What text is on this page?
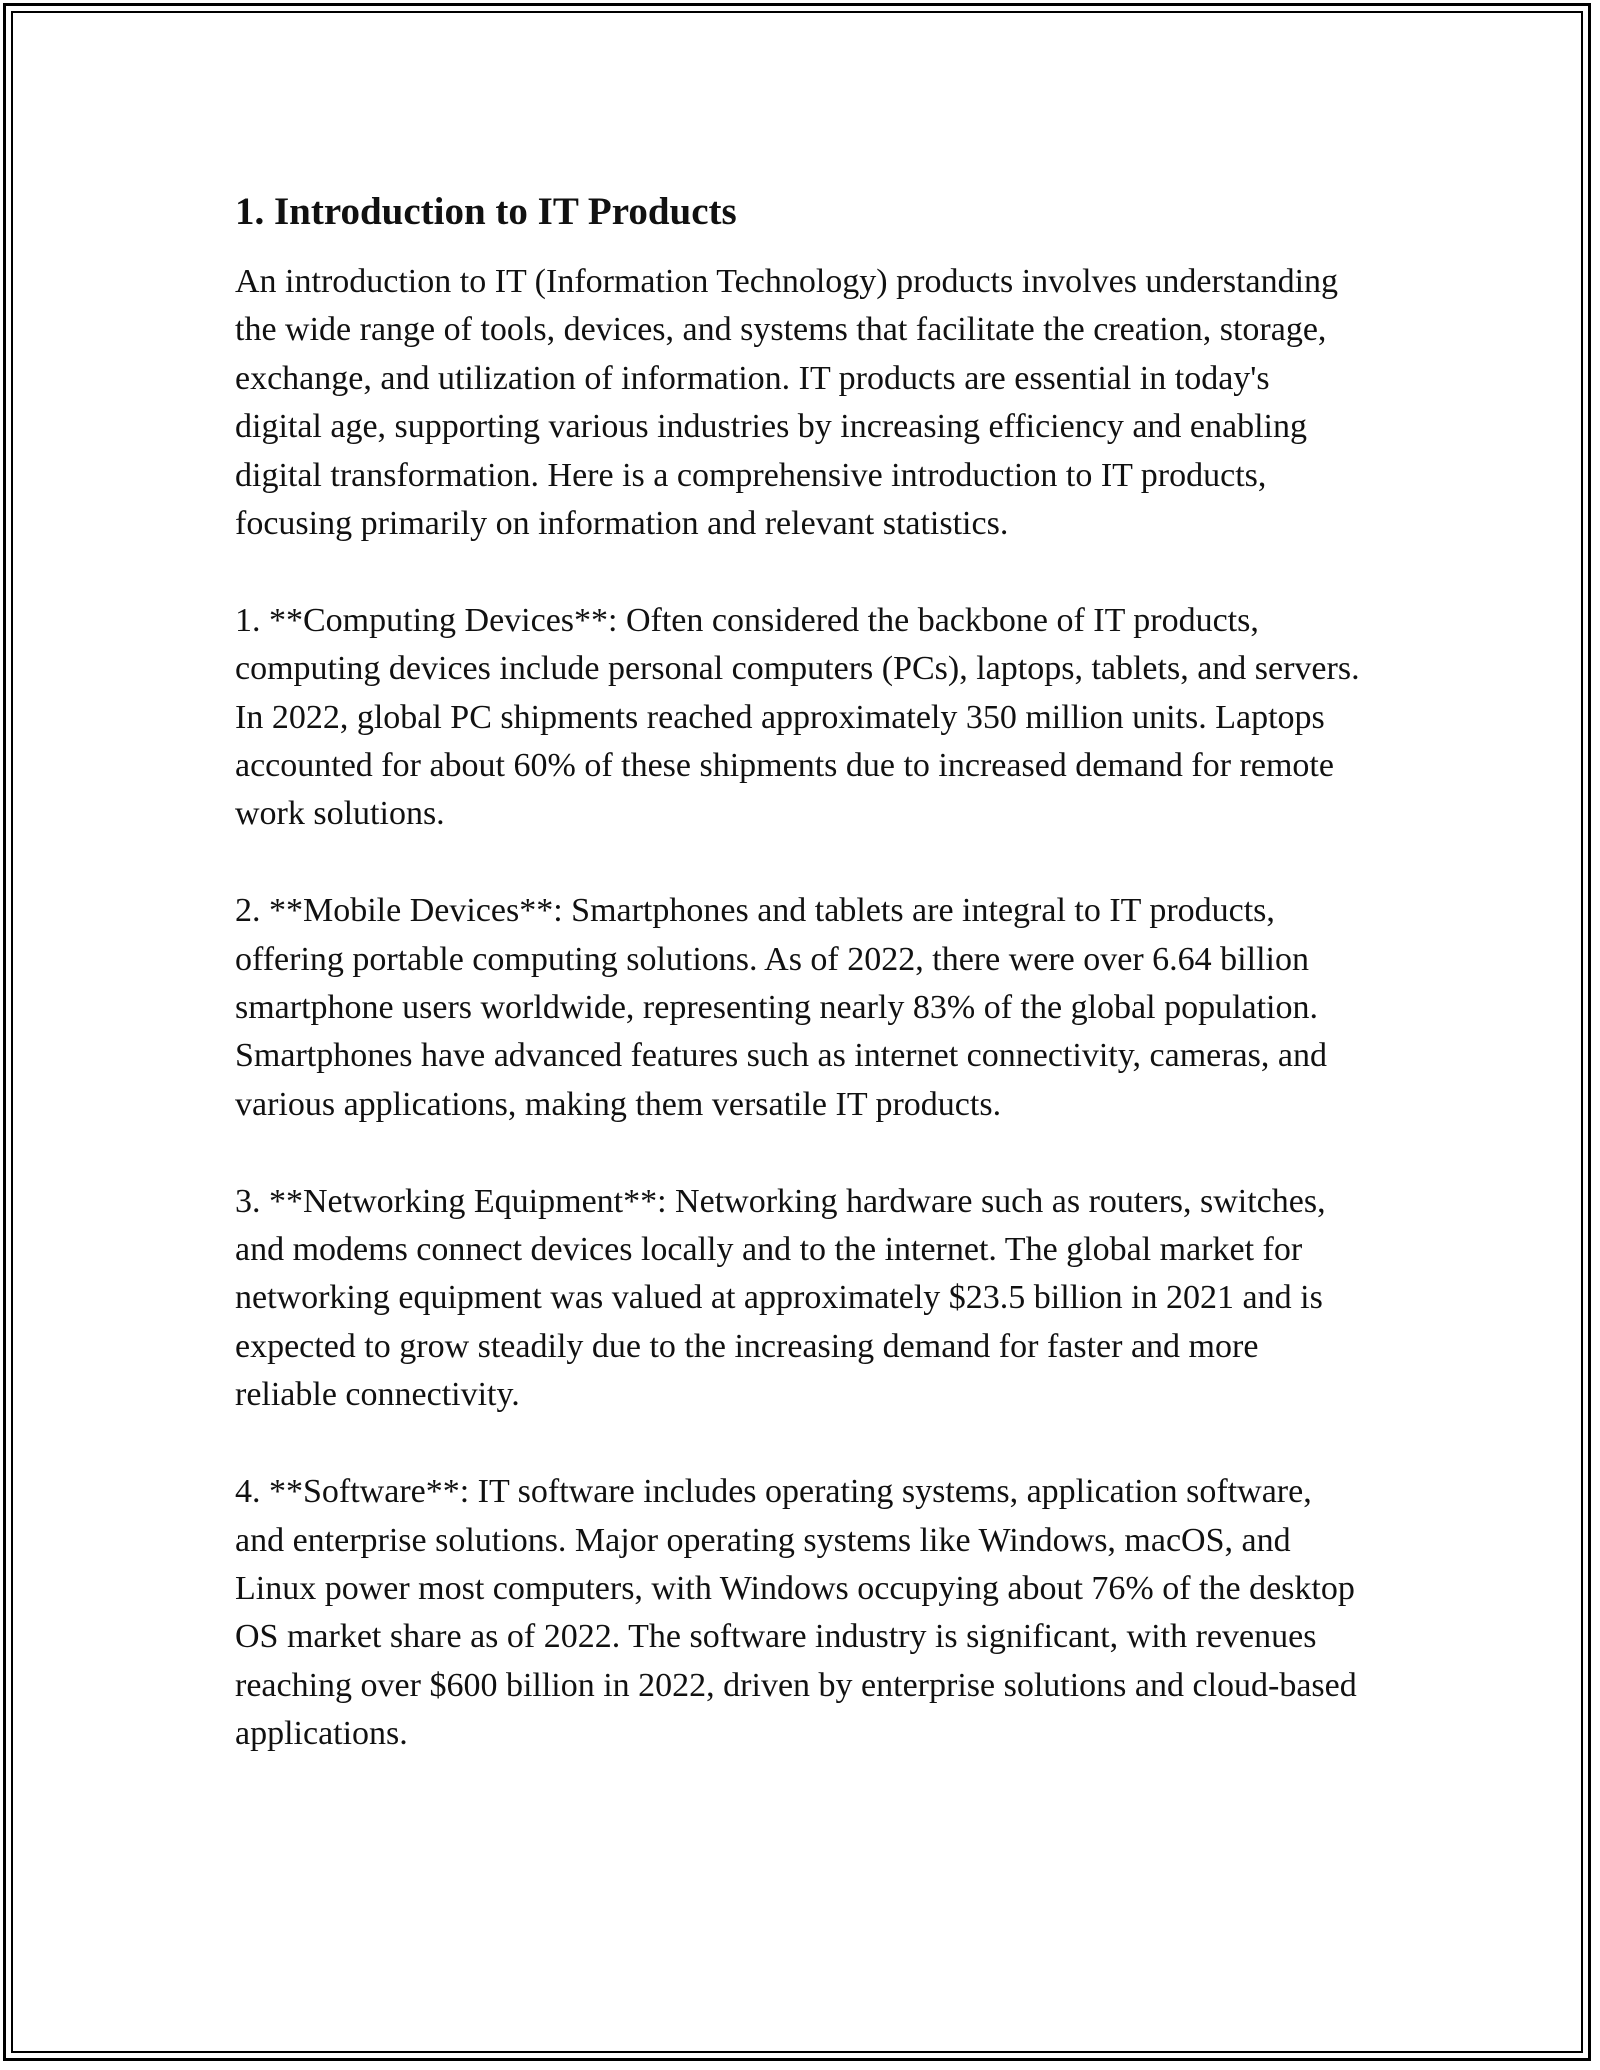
1. Introduction to IT Products

An introduction to IT (Information Technology) products involves understanding the wide range of tools, devices, and systems that facilitate the creation, storage, exchange, and utilization of information. IT products are essential in today's digital age, supporting various industries by increasing efficiency and enabling digital transformation. Here is a comprehensive introduction to IT products, focusing primarily on information and relevant statistics.

1. **Computing Devices**: Often considered the backbone of IT products, computing devices include personal computers (PCs), laptops, tablets, and servers. In 2022, global PC shipments reached approximately 350 million units. Laptops accounted for about 60% of these shipments due to increased demand for remote work solutions.

2. **Mobile Devices**: Smartphones and tablets are integral to IT products, offering portable computing solutions. As of 2022, there were over 6.64 billion smartphone users worldwide, representing nearly 83% of the global population. Smartphones have advanced features such as internet connectivity, cameras, and various applications, making them versatile IT products.

3. **Networking Equipment**: Networking hardware such as routers, switches, and modems connect devices locally and to the internet. The global market for networking equipment was valued at approximately $23.5 billion in 2021 and is expected to grow steadily due to the increasing demand for faster and more reliable connectivity.

4. **Software**: IT software includes operating systems, application software, and enterprise solutions. Major operating systems like Windows, macOS, and Linux power most computers, with Windows occupying about 76% of the desktop OS market share as of 2022. The software industry is significant, with revenues reaching over $600 billion in 2022, driven by enterprise solutions and cloud-based applications.
